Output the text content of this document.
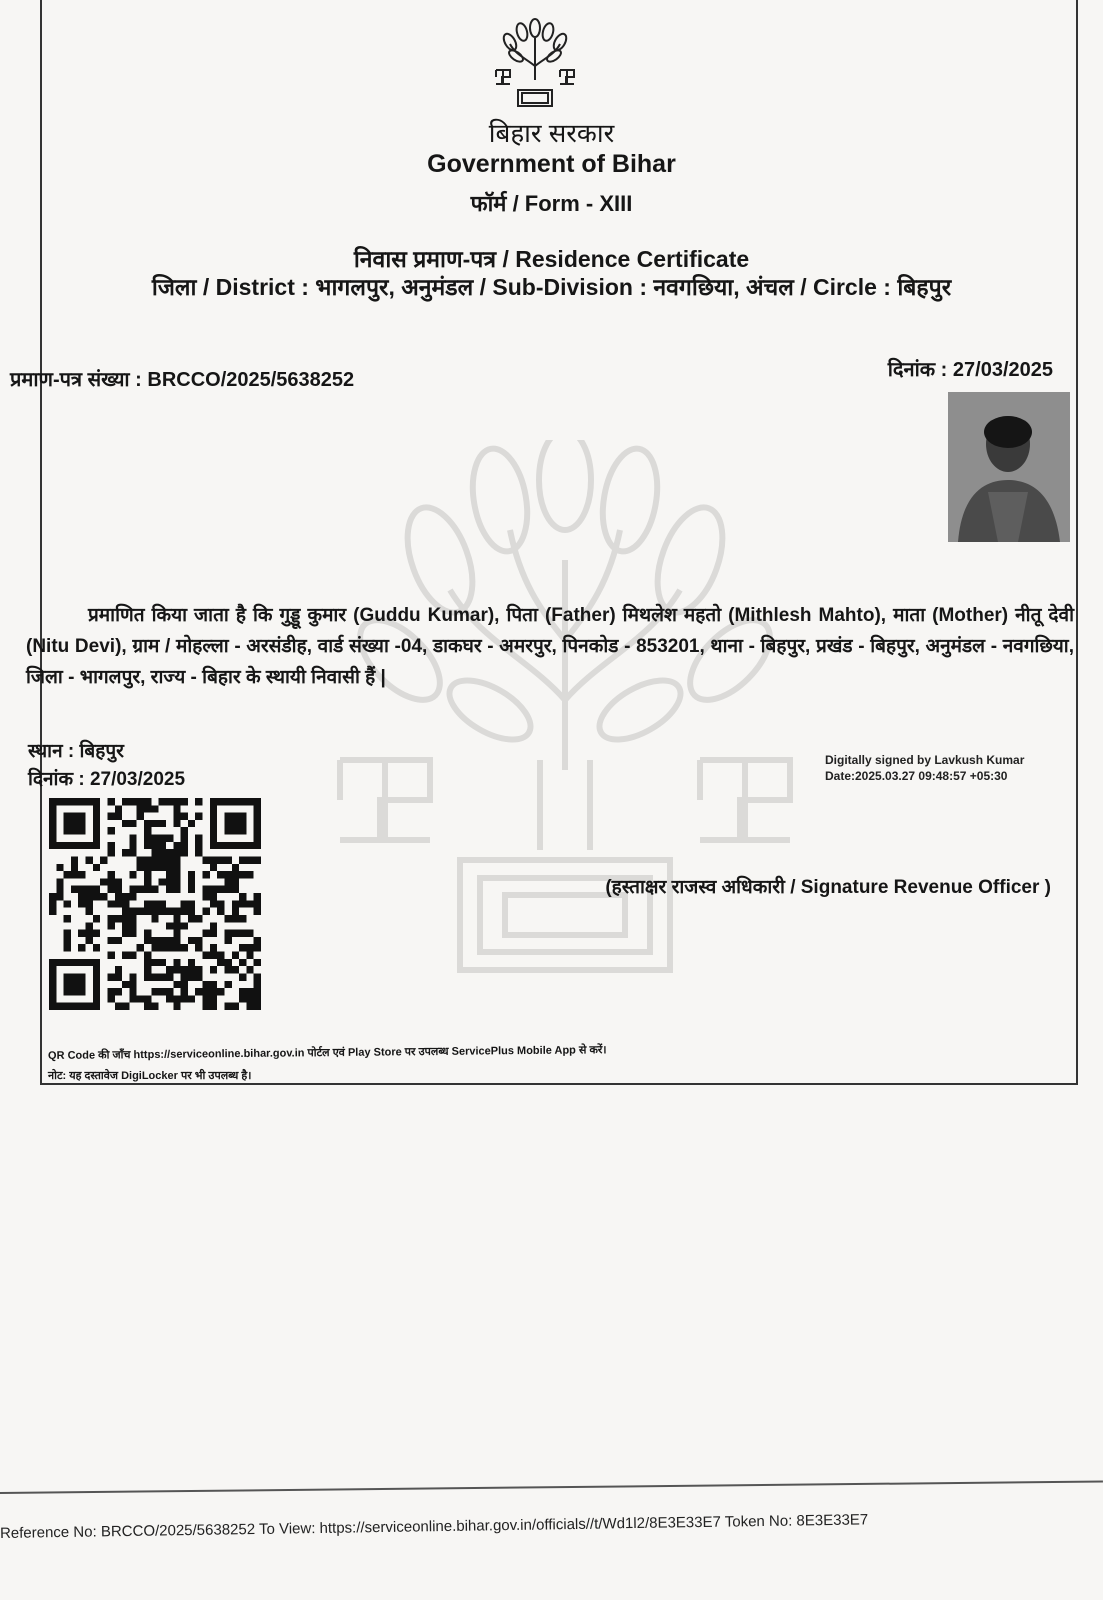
बिहार सरकार
Government of Bihar
फॉर्म / Form - XIII
निवास प्रमाण-पत्र / Residence Certificate
जिला / District : भागलपुर, अनुमंडल / Sub-Division : नवगछिया, अंचल / Circle : बिहपुर
प्रमाण-पत्र संख्या : BRCCO/2025/5638252	दिनांक : 27/03/2025
प्रमाणित किया जाता है कि गुड्डू कुमार (Guddu Kumar), पिता (Father) मिथलेश महतो (Mithlesh Mahto), माता (Mother) नीतू देवी (Nitu Devi), ग्राम / मोहल्ला - अरसंडीह, वार्ड संख्या -04, डाकघर - अमरपुर, पिनकोड - 853201, थाना - बिहपुर, प्रखंड - बिहपुर, अनुमंडल - नवगछिया, जिला - भागलपुर, राज्य - बिहार के स्थायी निवासी हैं |
स्थान : बिहपुर
दिनांक : 27/03/2025
Digitally signed by Lavkush Kumar
Date:2025.03.27 09:48:57 +05:30
(हस्ताक्षर राजस्व अधिकारी / Signature Revenue Officer )
QR Code की जाँच https://serviceonline.bihar.gov.in पोर्टल एवं Play Store पर उपलब्ध ServicePlus Mobile App से करें।
नोट: यह दस्तावेज DigiLocker पर भी उपलब्ध है।
Reference No: BRCCO/2025/5638252 To View: https://serviceonline.bihar.gov.in/officials//t/Wd1l2/8E3E33E7 Token No: 8E3E33E7
